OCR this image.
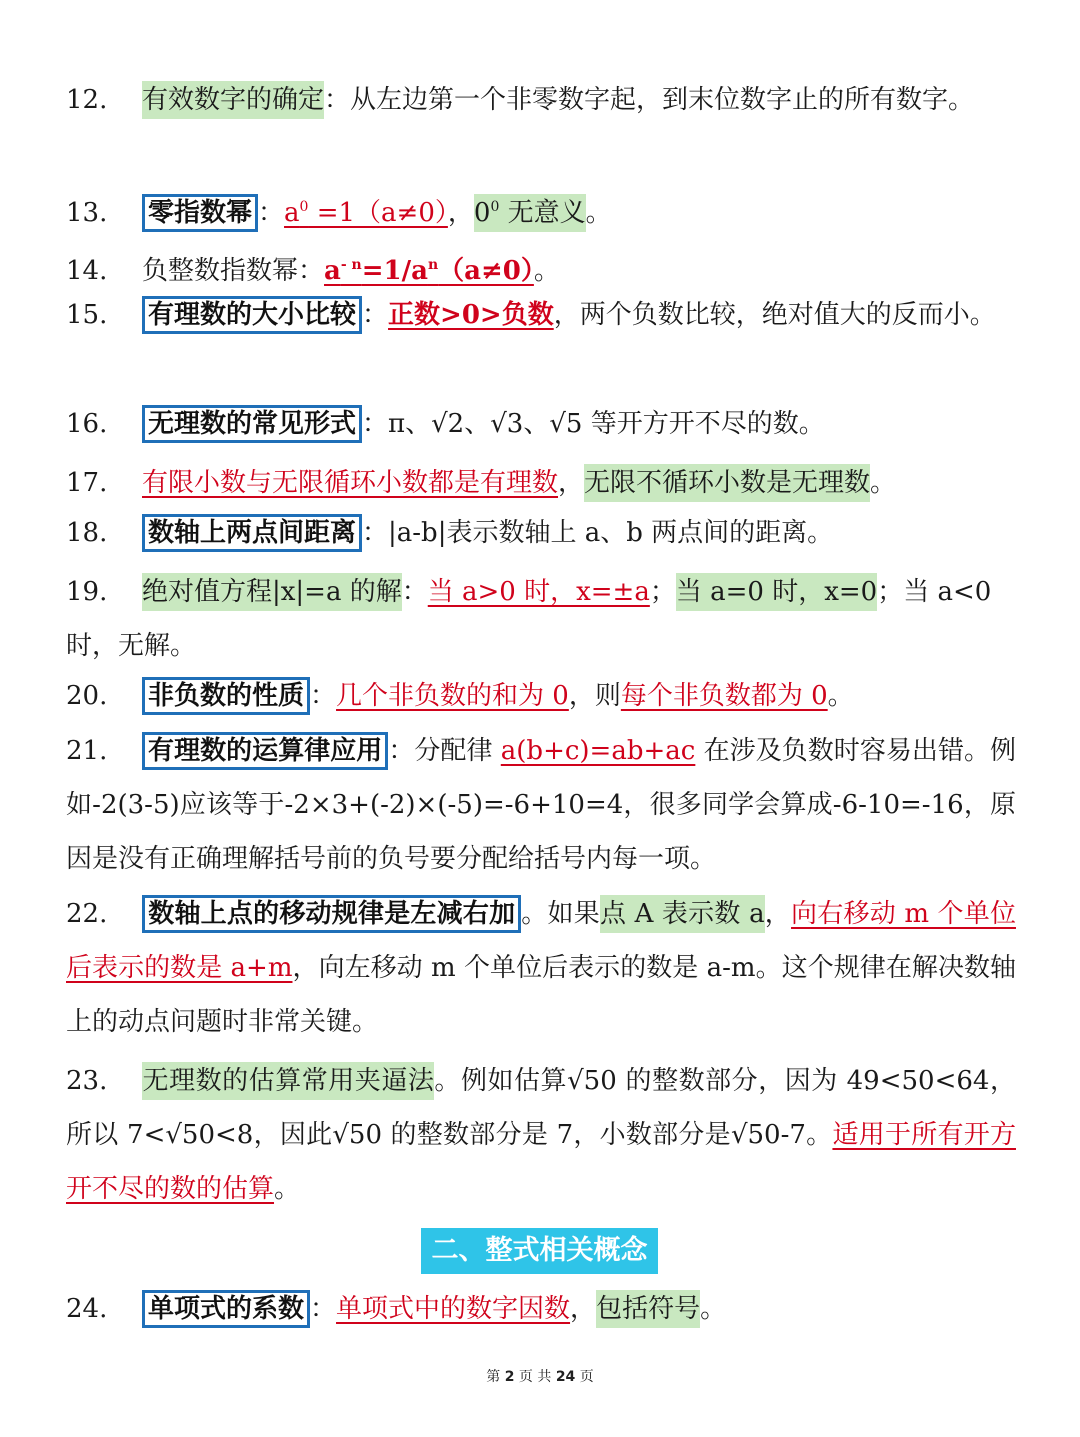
12. 有效数字的确定：从左边第一个非零数字起，到末位数字止的所有数字。

13. 零指数幂 ：$a^0 =1(a\ne 0)$，$0^0$ 无意义。

14. 负整数指数幂：$a^{- n}=1/a^n(a\ne 0)$。

15. 有理数的大小比较 ：正数>0>负数，两个负数比较，绝对值大的反而小。

16. 无理数的常见形式 ：π、√2、√3、√5 等开方开不尽的数。

17. 有限小数与无限循环小数都是有理数，无限不循环小数是无理数。

18. 数轴上两点间距离 ：|a-b|表示数轴上 a、b 两点间的距离。

19. 绝对值方程|x|=a 的解：当 a>0 时，x=±a；当 a=0 时，x=0；当 a<0 时，无解。

20. 非负数的性质 ：几个非负数的和为 0，则每个非负数都为 0。

21. 有理数的运算律应用 ：分配律 a(b+c)=ab+ac 在涉及负数时容易出错。例如-2(3-5)应该等于-2×3+(-2)×(-5)=-6+10=4，很多同学会算成-6-10=-16，原因是没有正确理解括号前的负号要分配给括号内每一项。

22. 数轴上点的移动规律是左减右加 。如果点 A 表示数 a，向右移动 m 个单位后表示的数是 a+m，向左移动 m 个单位后表示的数是 a-m。这个规律在解决数轴上的动点问题时非常关键。

23. 无理数的估算常用夹逼法。例如估算√50 的整数部分，因为 49<50<64，所以 7<√50<8，因此√50 的整数部分是 7，小数部分是√50-7。适用于所有开方开不尽的数的估算。

二、整式相关概念

24. 单项式的系数 ：单项式中的数字因数，包括符号。

第 2 页 共 24 页
